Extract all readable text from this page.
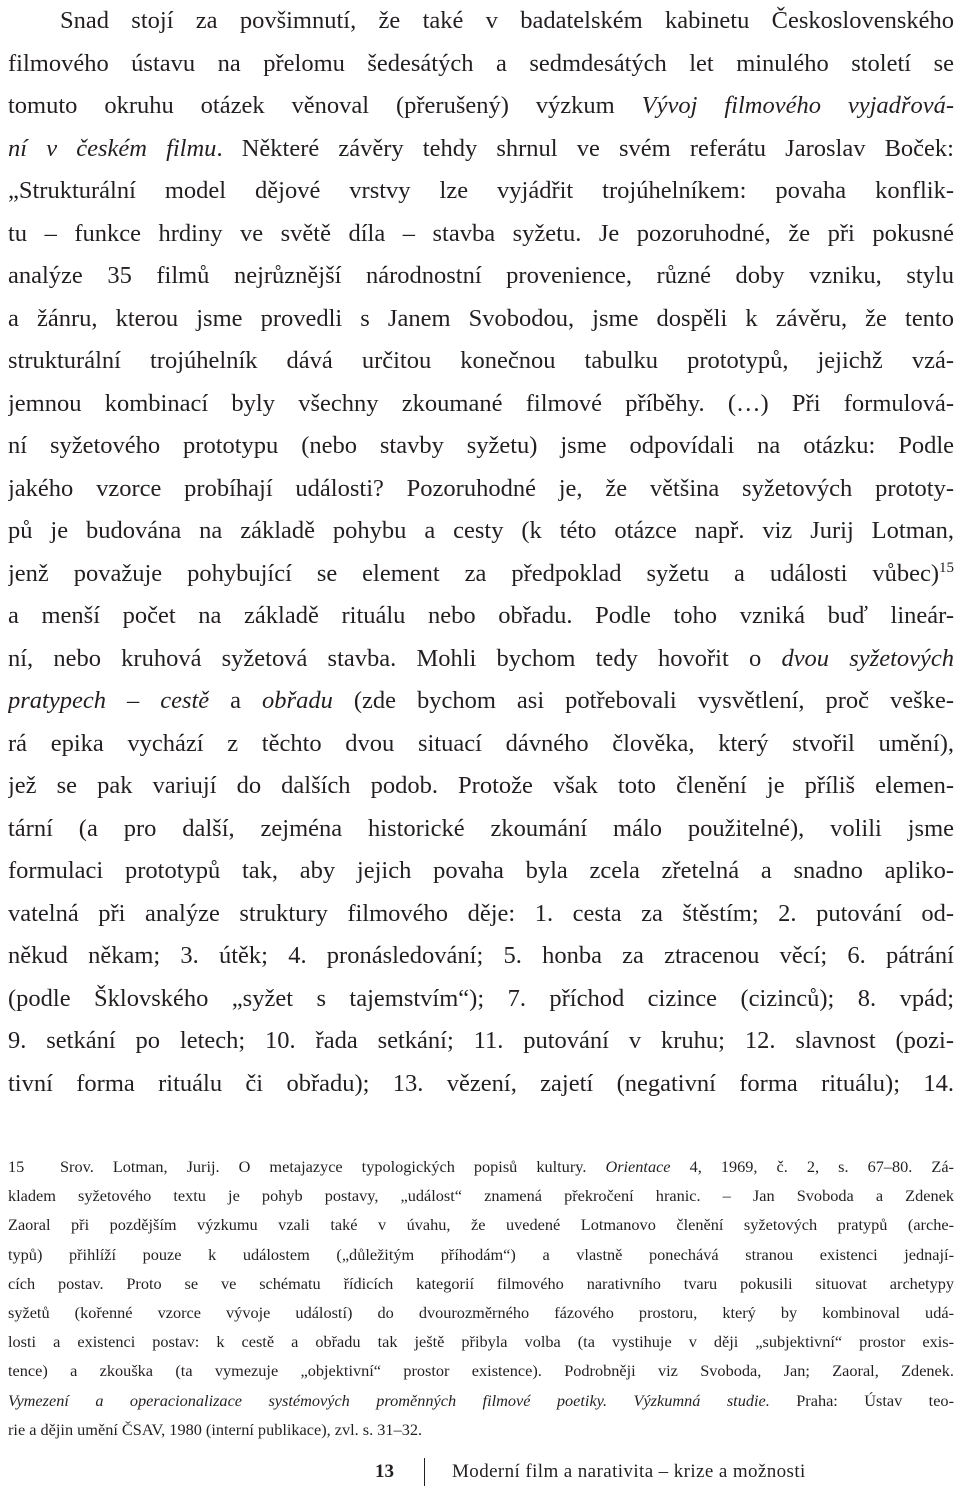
Snad stojí za povšimnutí, že také v badatelském kabinetu Československého
filmového ústavu na přelomu šedesátých a sedmdesátých let minulého století se
tomuto okruhu otázek věnoval (přerušený) výzkum Vývoj filmového vyjadřová-
ní v českém filmu. Některé závěry tehdy shrnul ve svém referátu Jaroslav Boček:
„Strukturální model dějové vrstvy lze vyjádřit trojúhelníkem: povaha konflik-
tu – funkce hrdiny ve světě díla – stavba syžetu. Je pozoruhodné, že při pokusné
analýze 35 filmů nejrůznější národnostní provenience, různé doby vzniku, stylu
a žánru, kterou jsme provedli s Janem Svobodou, jsme dospěli k závěru, že tento
strukturální trojúhelník dává určitou konečnou tabulku prototypů, jejichž vzá-
jemnou kombinací byly všechny zkoumané filmové příběhy. (…) Při formulová-
ní syžetového prototypu (nebo stavby syžetu) jsme odpovídali na otázku: Podle
jakého vzorce probíhají události? Pozoruhodné je, že většina syžetových prototy-
pů je budována na základě pohybu a cesty (k této otázce např. viz Jurij Lotman,
jenž považuje pohybující se element za předpoklad syžetu a události vůbec)$^{15}$
a menší počet na základě rituálu nebo obřadu. Podle toho vzniká buď lineár-
ní, nebo kruhová syžetová stavba. Mohli bychom tedy hovořit o dvou syžetových
pratypech – cestě a obřadu (zde bychom asi potřebovali vysvětlení, proč veške-
rá epika vychází z těchto dvou situací dávného člověka, který stvořil umění),
jež se pak variují do dalších podob. Protože však toto členění je příliš elemen-
tární (a pro další, zejména historické zkoumání málo použitelné), volili jsme
formulaci prototypů tak, aby jejich povaha byla zcela zřetelná a snadno apliko-
vatelná při analýze struktury filmového děje: 1. cesta za štěstím; 2. putování od-
někud někam; 3. útěk; 4. pronásledování; 5. honba za ztracenou věcí; 6. pátrání
(podle Šklovského „syžet s tajemstvím“); 7. příchod cizince (cizinců); 8. vpád;
9. setkání po letech; 10. řada setkání; 11. putování v kruhu; 12. slavnost (pozi-
tivní forma rituálu či obřadu); 13. vězení, zajetí (negativní forma rituálu); 14.
15 Srov. Lotman, Jurij. O metajazyce typologických popisů kultury. Orientace 4, 1969, č. 2, s. 67–80. Zá-
kladem syžetového textu je pohyb postavy, „událost“ znamená překročení hranic. – Jan Svoboda a Zdenek
Zaoral při pozdějším výzkumu vzali také v úvahu, že uvedené Lotmanovo členění syžetových pratypů (arche-
typů) přihlíží pouze k událostem („důležitým příhodám“) a vlastně ponechává stranou existenci jednají-
cích postav. Proto se ve schématu řídicích kategorií filmového narativního tvaru pokusili situovat archetypy
syžetů (kořenné vzorce vývoje událostí) do dvourozměrného fázového prostoru, který by kombinoval udá-
losti a existenci postav: k cestě a obřadu tak ještě přibyla volba (ta vystihuje v ději „subjektivní“ prostor exis-
tence) a zkouška (ta vymezuje „objektivní“ prostor existence). Podrobněji viz Svoboda, Jan; Zaoral, Zdenek.
Vymezení a operacionalizace systémových proměnných filmové poetiky. Výzkumná studie. Praha: Ústav teo-
rie a dějin umění ČSAV, 1980 (interní publikace), zvl. s. 31–32.
13	Moderní film a narativita – krize a možnosti
